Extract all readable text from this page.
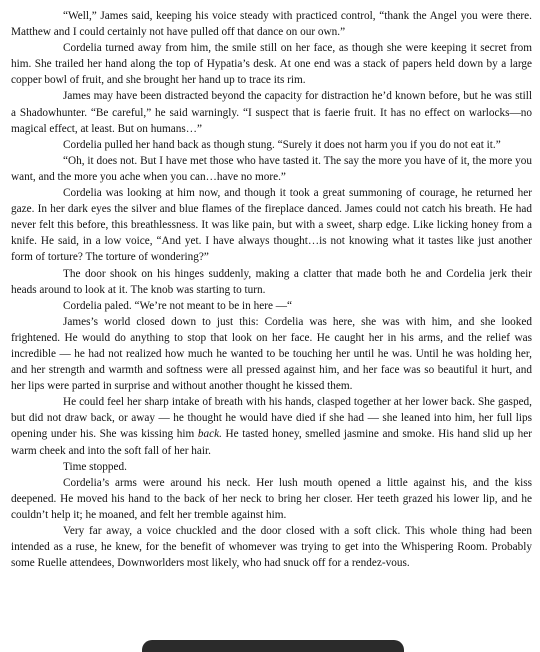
“Well,” James said, keeping his voice steady with practiced control, “thank the Angel you were there. Matthew and I could certainly not have pulled off that dance on our own.”

Cordelia turned away from him, the smile still on her face, as though she were keeping it secret from him. She trailed her hand along the top of Hypatia’s desk. At one end was a stack of papers held down by a large copper bowl of fruit, and she brought her hand up to trace its rim.

James may have been distracted beyond the capacity for distraction he’d known before, but he was still a Shadowhunter. “Be careful,” he said warningly. “I suspect that is faerie fruit. It has no effect on warlocks—no magical effect, at least. But on humans…”

Cordelia pulled her hand back as though stung. “Surely it does not harm you if you do not eat it.”

“Oh, it does not. But I have met those who have tasted it. The say the more you have of it, the more you want, and the more you ache when you can…have no more.”

Cordelia was looking at him now, and though it took a great summoning of courage, he returned her gaze. In her dark eyes the silver and blue flames of the fireplace danced. James could not catch his breath. He had never felt this before, this breathlessness. It was like pain, but with a sweet, sharp edge. Like licking honey from a knife. He said, in a low voice, “And yet. I have always thought…is not knowing what it tastes like just another form of torture? The torture of wondering?”

The door shook on his hinges suddenly, making a clatter that made both he and Cordelia jerk their heads around to look at it. The knob was starting to turn.

Cordelia paled. “We’re not meant to be in here —“

James’s world closed down to just this: Cordelia was here, she was with him, and she looked frightened. He would do anything to stop that look on her face. He caught her in his arms, and the relief was incredible — he had not realized how much he wanted to be touching her until he was. Until he was holding her, and her strength and warmth and softness were all pressed against him, and her face was so beautiful it hurt, and her lips were parted in surprise and without another thought he kissed them.

He could feel her sharp intake of breath with his hands, clasped together at her lower back. She gasped, but did not draw back, or away — he thought he would have died if she had — she leaned into him, her full lips opening under his. She was kissing him back. He tasted honey, smelled jasmine and smoke. His hand slid up her warm cheek and into the soft fall of her hair.

Time stopped.

Cordelia’s arms were around his neck. Her lush mouth opened a little against his, and the kiss deepened. He moved his hand to the back of her neck to bring her closer. Her teeth grazed his lower lip, and he couldn’t help it; he moaned, and felt her tremble against him.

Very far away, a voice chuckled and the door closed with a soft click. This whole thing had been intended as a ruse, he knew, for the benefit of whomever was trying to get into the Whispering Room. Probably some Ruelle attendees, Downworlders most likely, who had snuck off for a rendez-vous.
